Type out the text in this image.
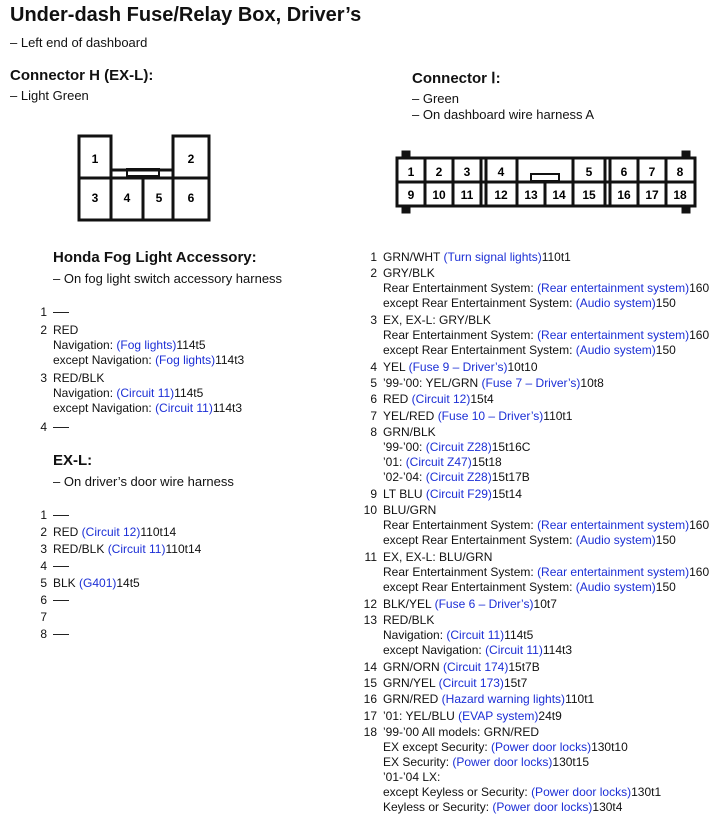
Under-dash Fuse/Relay Box, Driver’s
– Left end of dashboard
Connector H (EX-L):
– Light Green
1	2
3 4 5 6
Connector Ⅰ:
– Green
– On dashboard wire harness A
1 2 3 4	5 6 7 8
9 10 11 12 13 14 15 16 17 18
Honda Fog Light Accessory:
– On fog light switch accessory harness
1
2 RED
Navigation: (Fog lights)114t5
except Navigation: (Fog lights)114t3
3 RED/BLK
Navigation: (Circuit 11)114t5
except Navigation: (Circuit 11)114t3
4
EX-L:
– On driver’s door wire harness
1
2 RED (Circuit 12)110t14
3 RED/BLK (Circuit 11)110t14
4
5 BLK (G401)14t5
6
7
8
1 GRN/WHT (Turn signal lights)110t1
2 GRY/BLK
Rear Entertainment System: (Rear entertainment system)160
except Rear Entertainment System: (Audio system)150
3 EX, EX-L: GRY/BLK
Rear Entertainment System: (Rear entertainment system)160
except Rear Entertainment System: (Audio system)150
4 YEL (Fuse 9 – Driver’s)10t10
5 ’99-’00: YEL/GRN (Fuse 7 – Driver’s)10t8
6 RED (Circuit 12)15t4
7 YEL/RED (Fuse 10 – Driver’s)110t1
8 GRN/BLK
’99-’00: (Circuit Z28)15t16C
’01: (Circuit Z47)15t18
’02-’04: (Circuit Z28)15t17B
9 LT BLU (Circuit F29)15t14
10 BLU/GRN
Rear Entertainment System: (Rear entertainment system)160
except Rear Entertainment System: (Audio system)150
11 EX, EX-L: BLU/GRN
Rear Entertainment System: (Rear entertainment system)160
except Rear Entertainment System: (Audio system)150
12 BLK/YEL (Fuse 6 – Driver’s)10t7
13 RED/BLK
Navigation: (Circuit 11)114t5
except Navigation: (Circuit 11)114t3
14 GRN/ORN (Circuit 174)15t7B
15 GRN/YEL (Circuit 173)15t7
16 GRN/RED (Hazard warning lights)110t1
17 ’01: YEL/BLU (EVAP system)24t9
18 ’99-’00 All models: GRN/RED
EX except Security: (Power door locks)130t10
EX Security: (Power door locks)130t15
’01-’04 LX:
except Keyless or Security: (Power door locks)130t1
Keyless or Security: (Power door locks)130t4
